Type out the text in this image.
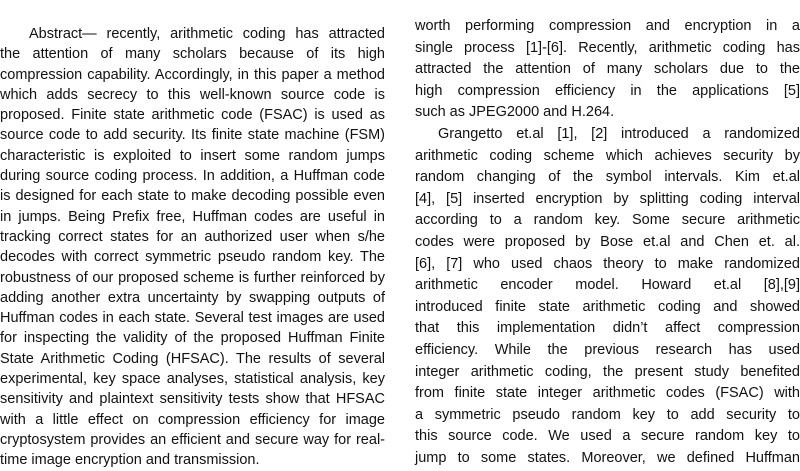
Abstract— recently, arithmetic coding has attracted
the attention of many scholars because of its high
compression capability. Accordingly, in this paper a method
which adds secrecy to this well-known source code is
proposed. Finite state arithmetic code (FSAC) is used as
source code to add security. Its finite state machine (FSM)
characteristic is exploited to insert some random jumps
during source coding process. In addition, a Huffman code
is designed for each state to make decoding possible even
in jumps. Being Prefix free, Huffman codes are useful in
tracking correct states for an authorized user when s/he
decodes with correct symmetric pseudo random key. The
robustness of our proposed scheme is further reinforced by
adding another extra uncertainty by swapping outputs of
Huffman codes in each state. Several test images are used
for inspecting the validity of the proposed Huffman Finite
State Arithmetic Coding (HFSAC). The results of several
experimental, key space analyses, statistical analysis, key
sensitivity and plaintext sensitivity tests show that HFSAC
with a little effect on compression efficiency for image
cryptosystem provides an efficient and secure way for real-
time image encryption and transmission.
worth performing compression and encryption in a
single process [1]-[6]. Recently, arithmetic coding has
attracted the attention of many scholars due to the
high compression efficiency in the applications [5]
such as JPEG2000 and H.264.
Grangetto et.al [1], [2] introduced a randomized
arithmetic coding scheme which achieves security by
random changing of the symbol intervals. Kim et.al
[4], [5] inserted encryption by splitting coding interval
according to a random key. Some secure arithmetic
codes were proposed by Bose et.al and Chen et. al.
[6], [7] who used chaos theory to make randomized
arithmetic encoder model. Howard et.al [8],[9]
introduced finite state arithmetic coding and showed
that this implementation didn’t affect compression
efficiency. While the previous research has used
integer arithmetic coding, the present study benefited
from finite state integer arithmetic codes (FSAC) with
a symmetric pseudo random key to add security to
this source code. We used a secure random key to
jump to some states. Moreover, we defined Huffman
